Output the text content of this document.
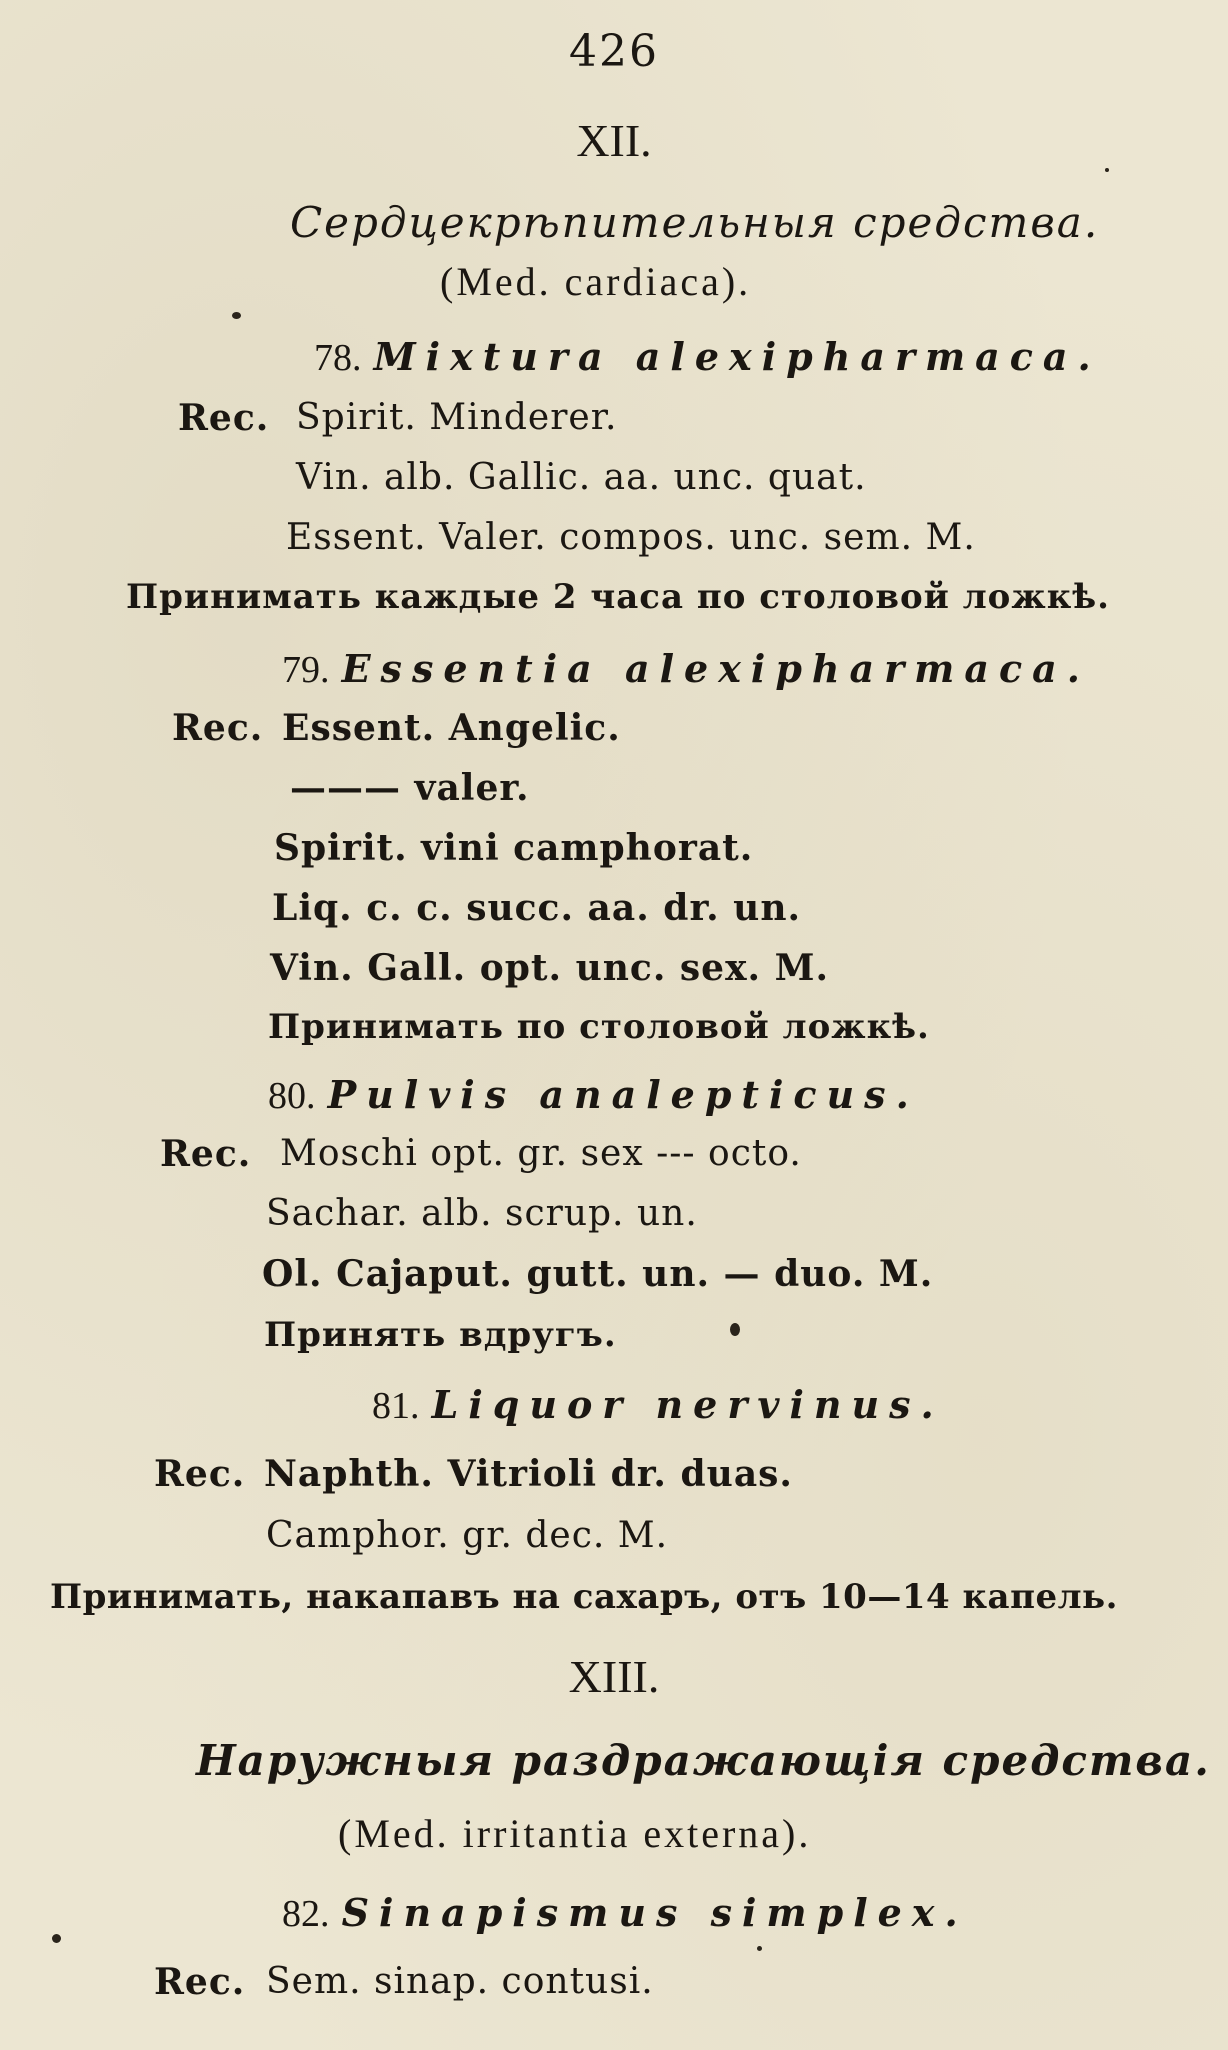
426
XII.
Сердцекрѣпительныя средства.
(Med. cardiaca).
78. Mixtura alexipharmaca.
Rec. Spirit. Minderer.
Vin. alb. Gallic. aa. unc. quat.
Essent. Valer. compos. unc. sem. M.
Принимать каждые 2 часа по столовой ложкѣ.
79. Essentia alexipharmaca.
Rec. Essent. Angelic.
——— valer.
Spirit. vini camphorat.
Liq. c. c. succ. aa. dr. un.
Vin. Gall. opt. unc. sex. M.
Принимать по столовой ложкѣ.
80. Pulvis analepticus.
Rec. Moschi opt. gr. sex --- octo.
Sachar. alb. scrup. un.
Ol. Cajaput. gutt. un. — duo. M.
Принять вдругъ.
81. Liquor nervinus.
Rec. Naphth. Vitrioli dr. duas.
Camphor. gr. dec. M.
Принимать, накапавъ на сахаръ, отъ 10—14 капель.
XIII.
Наружныя раздражающія средства.
(Med. irritantia externa).
82. Sinapismus simplex.
Rec. Sem. sinap. contusi.
